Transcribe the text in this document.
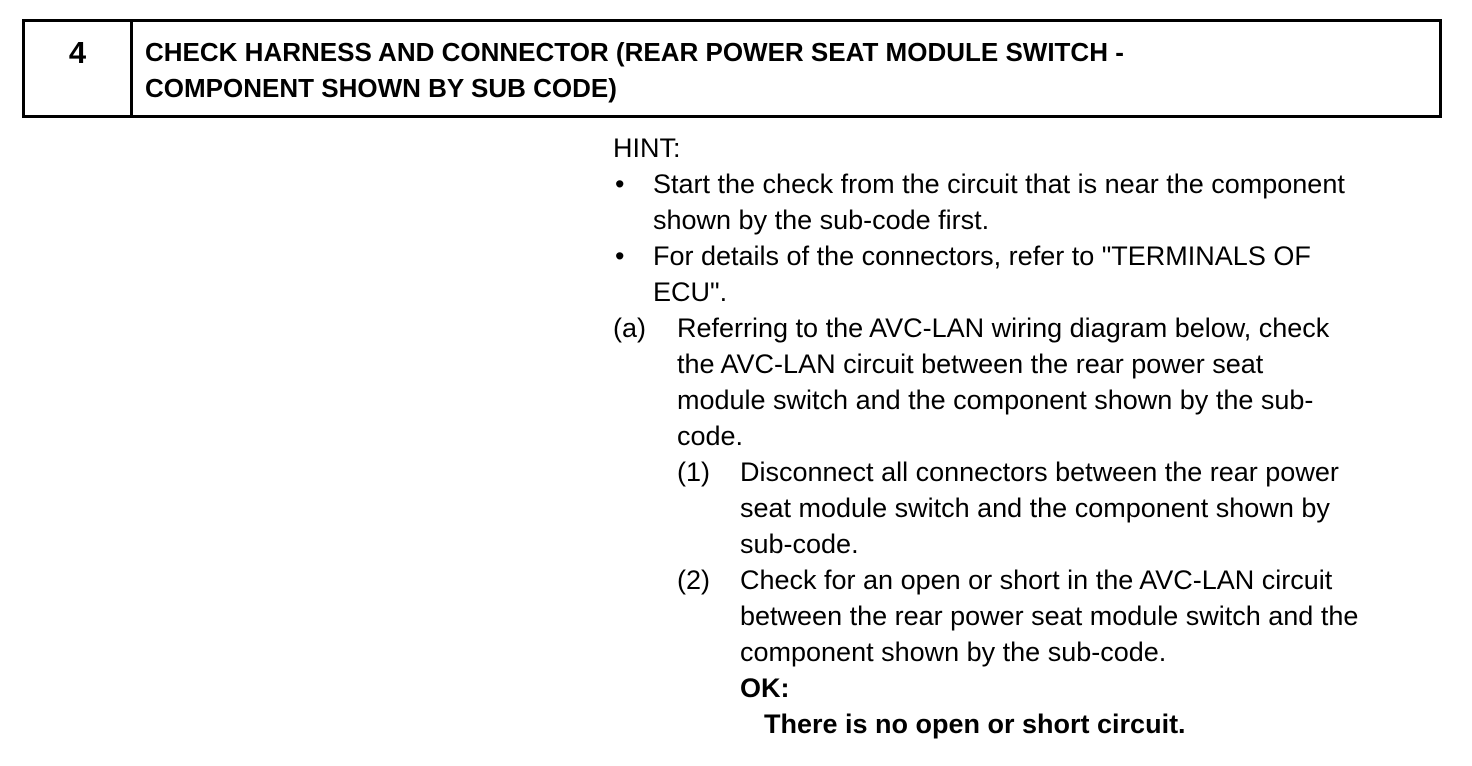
4	CHECK HARNESS AND CONNECTOR (REAR POWER SEAT MODULE SWITCH -
COMPONENT SHOWN BY SUB CODE)
HINT:
•	Start the check from the circuit that is near the component
shown by the sub-code first.
•	For details of the connectors, refer to "TERMINALS OF
ECU".
(a)	Referring to the AVC-LAN wiring diagram below, check
the AVC-LAN circuit between the rear power seat
module switch and the component shown by the sub-
code.
(1)	Disconnect all connectors between the rear power
seat module switch and the component shown by
sub-code.
(2)	Check for an open or short in the AVC-LAN circuit
between the rear power seat module switch and the
component shown by the sub-code.
OK:
There is no open or short circuit.
